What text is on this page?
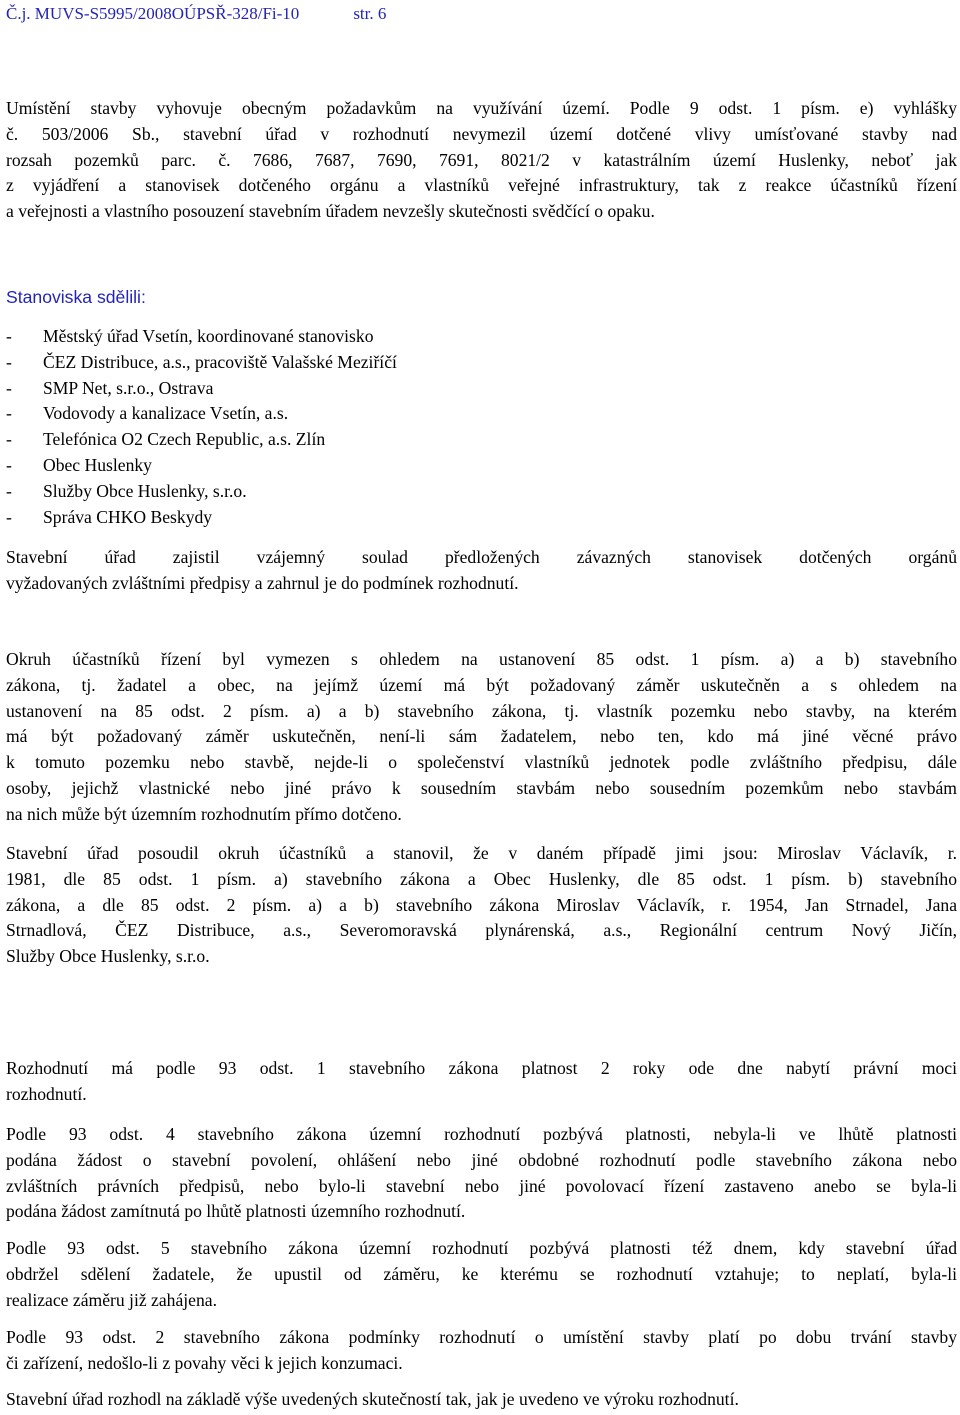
Č.j. MUVS-S5995/2008OÚPSŘ-328/Fi-10	str. 6
Umístění stavby vyhovuje obecným požadavkům na využívání území. Podle 9 odst. 1 písm. e) vyhlášky
č. 503/2006 Sb., stavební úřad v rozhodnutí nevymezil území dotčené vlivy umísťované stavby nad
rozsah pozemků parc. č. 7686, 7687, 7690, 7691, 8021/2 v katastrálním území Huslenky, neboť jak
z vyjádření a stanovisek dotčeného orgánu a vlastníků veřejné infrastruktury, tak z reakce účastníků řízení
a veřejnosti a vlastního posouzení stavebním úřadem nevzešly skutečnosti svědčící o opaku.
Stanoviska sdělili:
- Městský úřad Vsetín, koordinované stanovisko
- ČEZ Distribuce, a.s., pracoviště Valašské Meziříčí
- SMP Net, s.r.o., Ostrava
- Vodovody a kanalizace Vsetín, a.s.
- Telefónica O2 Czech Republic, a.s. Zlín
- Obec Huslenky
- Služby Obce Huslenky, s.r.o.
- Správa CHKO Beskydy
Stavební úřad zajistil vzájemný soulad předložených závazných stanovisek dotčených orgánů
vyžadovaných zvláštními předpisy a zahrnul je do podmínek rozhodnutí.
Okruh účastníků řízení byl vymezen s ohledem na ustanovení 85 odst. 1 písm. a) a b) stavebního
zákona, tj. žadatel a obec, na jejímž území má být požadovaný záměr uskutečněn a s ohledem na
ustanovení na 85 odst. 2 písm. a) a b) stavebního zákona, tj. vlastník pozemku nebo stavby, na kterém
má být požadovaný záměr uskutečněn, není-li sám žadatelem, nebo ten, kdo má jiné věcné právo
k tomuto pozemku nebo stavbě, nejde-li o společenství vlastníků jednotek podle zvláštního předpisu, dále
osoby, jejichž vlastnické nebo jiné právo k sousedním stavbám nebo sousedním pozemkům nebo stavbám
na nich může být územním rozhodnutím přímo dotčeno.
Stavební úřad posoudil okruh účastníků a stanovil, že v daném případě jimi jsou: Miroslav Václavík, r.
1981, dle 85 odst. 1 písm. a) stavebního zákona a Obec Huslenky, dle 85 odst. 1 písm. b) stavebního
zákona, a dle 85 odst. 2 písm. a) a b) stavebního zákona Miroslav Václavík, r. 1954, Jan Strnadel, Jana
Strnadlová, ČEZ Distribuce, a.s., Severomoravská plynárenská, a.s., Regionální centrum Nový Jičín,
Služby Obce Huslenky, s.r.o.
Rozhodnutí má podle 93 odst. 1 stavebního zákona platnost 2 roky ode dne nabytí právní moci
rozhodnutí.
Podle 93 odst. 4 stavebního zákona územní rozhodnutí pozbývá platnosti, nebyla-li ve lhůtě platnosti
podána žádost o stavební povolení, ohlášení nebo jiné obdobné rozhodnutí podle stavebního zákona nebo
zvláštních právních předpisů, nebo bylo-li stavební nebo jiné povolovací řízení zastaveno anebo se byla-li
podána žádost zamítnutá po lhůtě platnosti územního rozhodnutí.
Podle 93 odst. 5 stavebního zákona územní rozhodnutí pozbývá platnosti též dnem, kdy stavební úřad
obdržel sdělení žadatele, že upustil od záměru, ke kterému se rozhodnutí vztahuje; to neplatí, byla-li
realizace záměru již zahájena.
Podle 93 odst. 2 stavebního zákona podmínky rozhodnutí o umístění stavby platí po dobu trvání stavby
či zařízení, nedošlo-li z povahy věci k jejich konzumaci.
Stavební úřad rozhodl na základě výše uvedených skutečností tak, jak je uvedeno ve výroku rozhodnutí.
